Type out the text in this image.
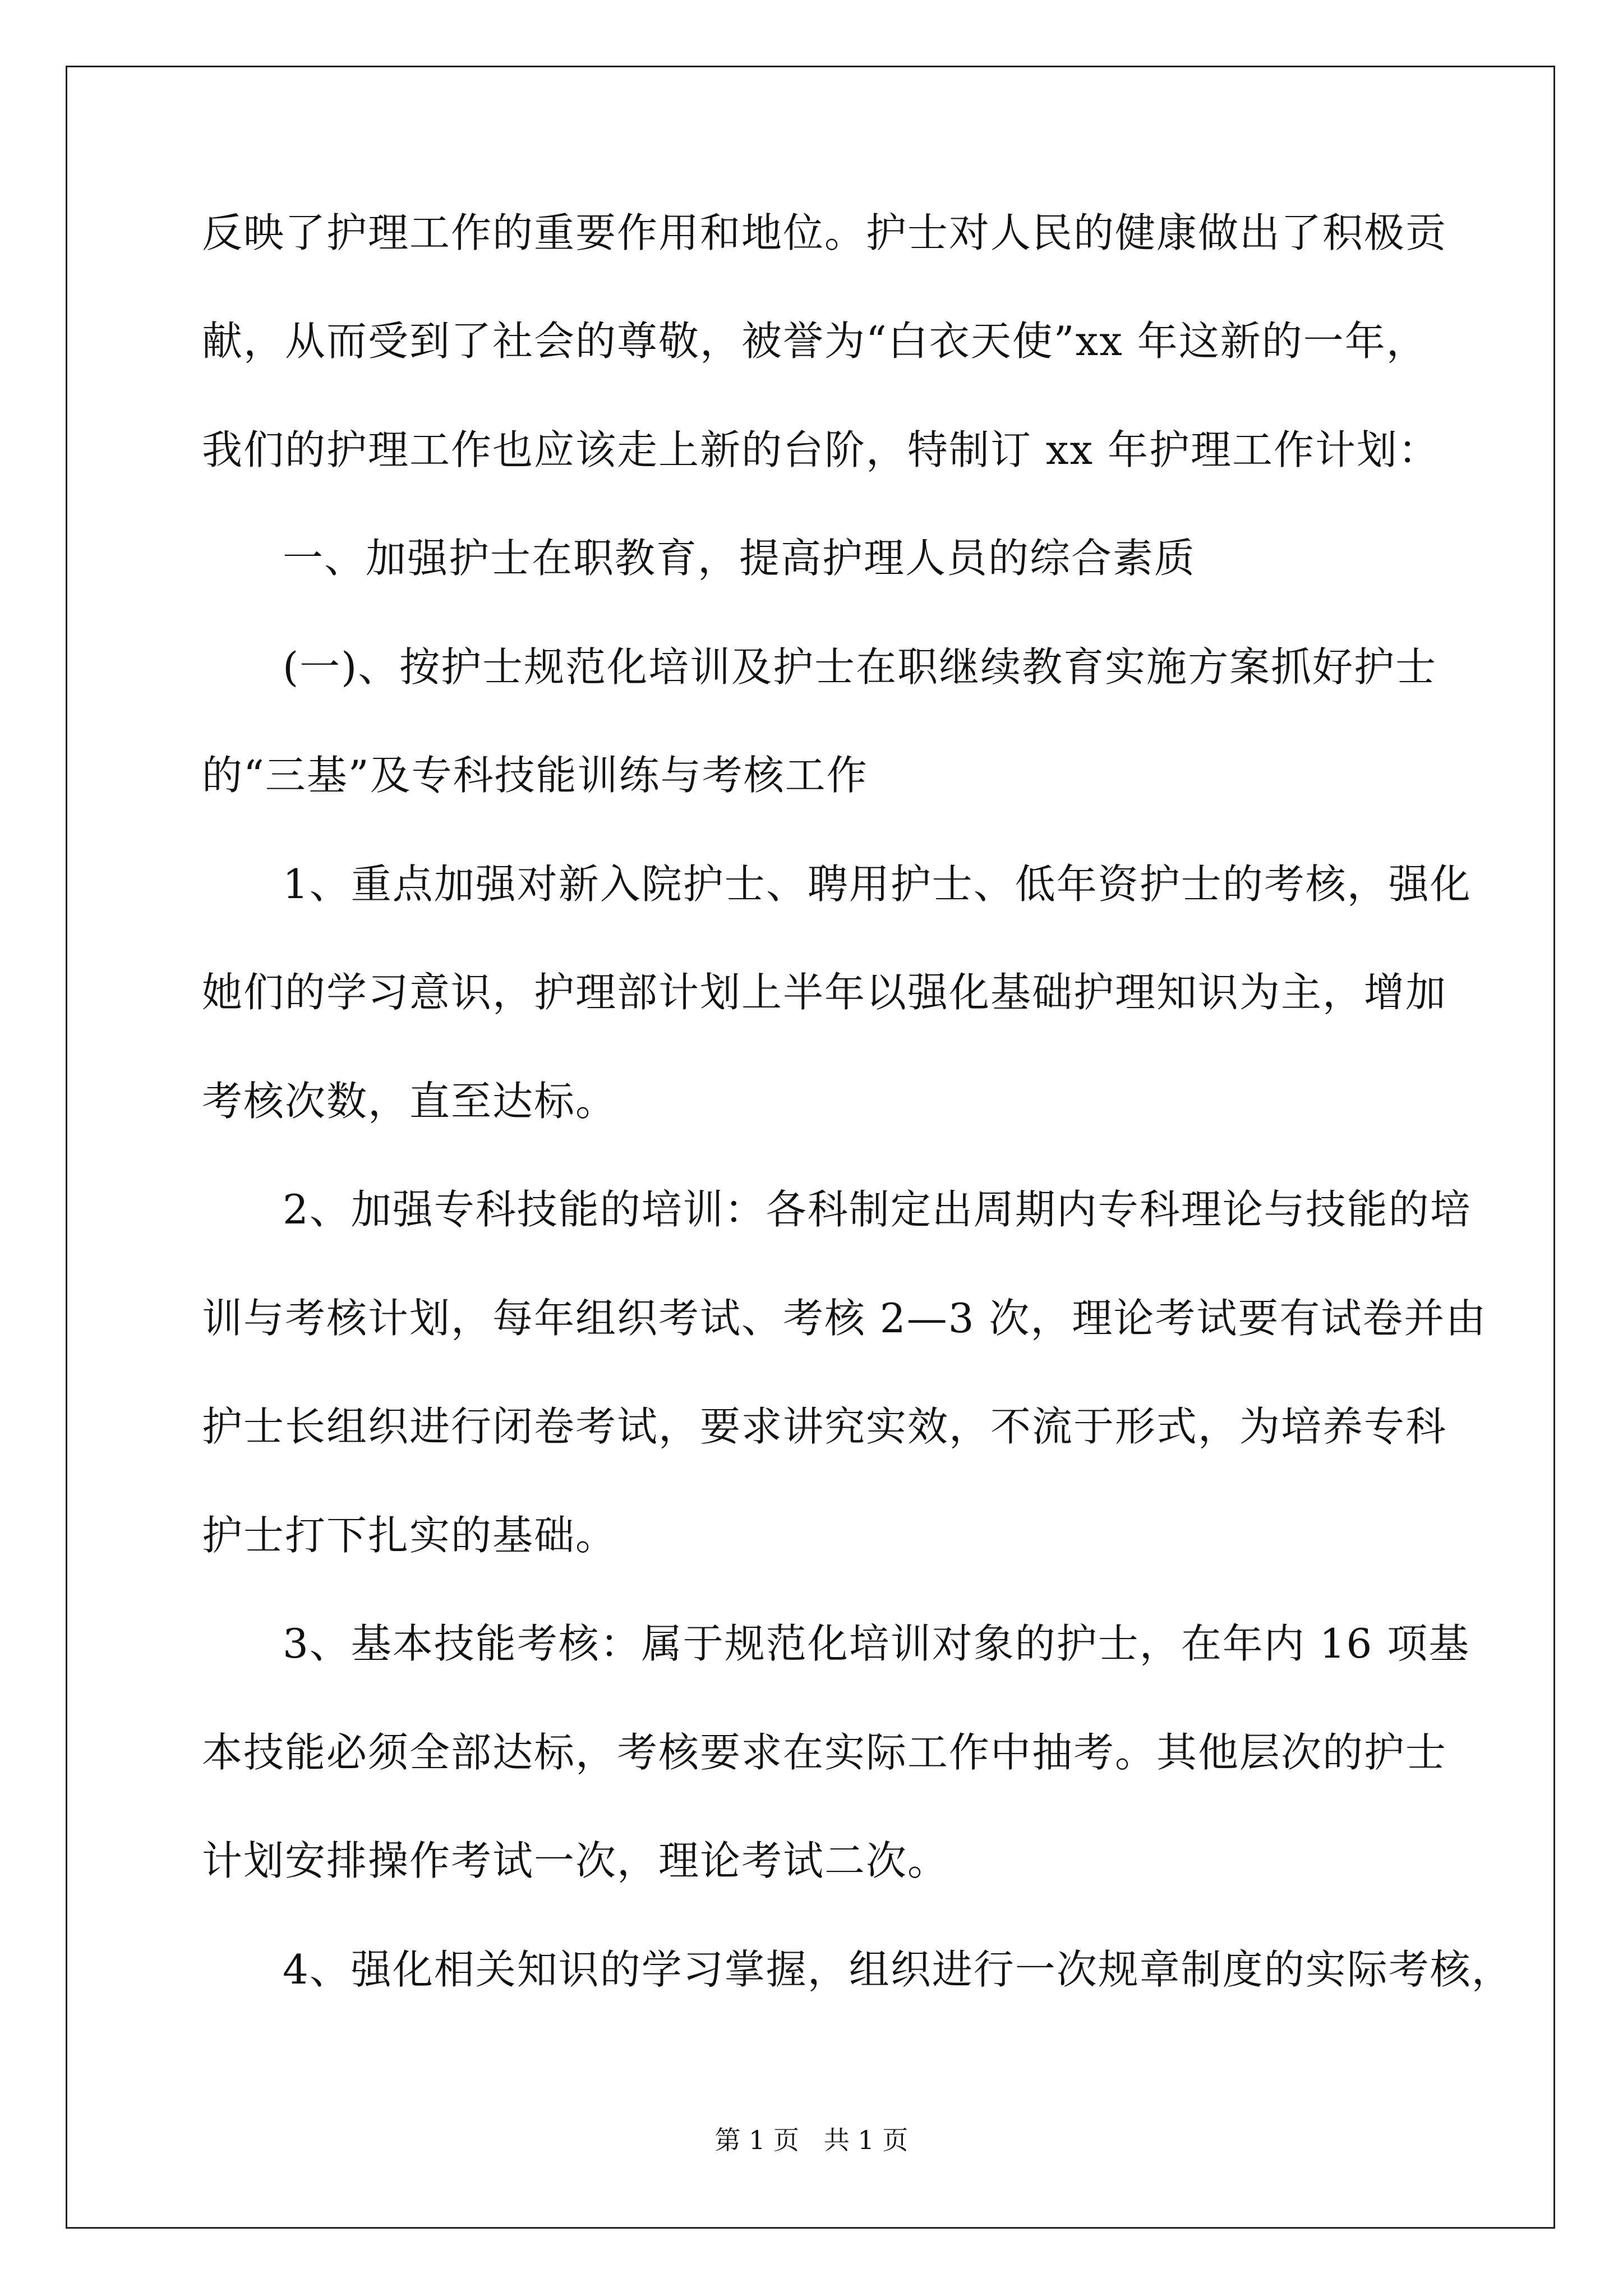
反映了护理工作的重要作用和地位。护士对人民的健康做出了积极贡
献，从而受到了社会的尊敬，被誉为“白衣天使”xx 年这新的一年，
我们的护理工作也应该走上新的台阶，特制订 xx 年护理工作计划：
一、加强护士在职教育，提高护理人员的综合素质
(一)、按护士规范化培训及护士在职继续教育实施方案抓好护士
的“三基”及专科技能训练与考核工作
1、重点加强对新入院护士、聘用护士、低年资护士的考核，强化
她们的学习意识，护理部计划上半年以强化基础护理知识为主，增加
考核次数，直至达标。
2、加强专科技能的培训：各科制定出周期内专科理论与技能的培
训与考核计划，每年组织考试、考核 2—3 次，理论考试要有试卷并由
护士长组织进行闭卷考试，要求讲究实效，不流于形式，为培养专科
护士打下扎实的基础。
3、基本技能考核：属于规范化培训对象的护士，在年内 16 项基
本技能必须全部达标，考核要求在实际工作中抽考。其他层次的护士
计划安排操作考试一次，理论考试二次。
4、强化相关知识的学习掌握，组织进行一次规章制度的实际考核，
第 1 页   共 1 页
